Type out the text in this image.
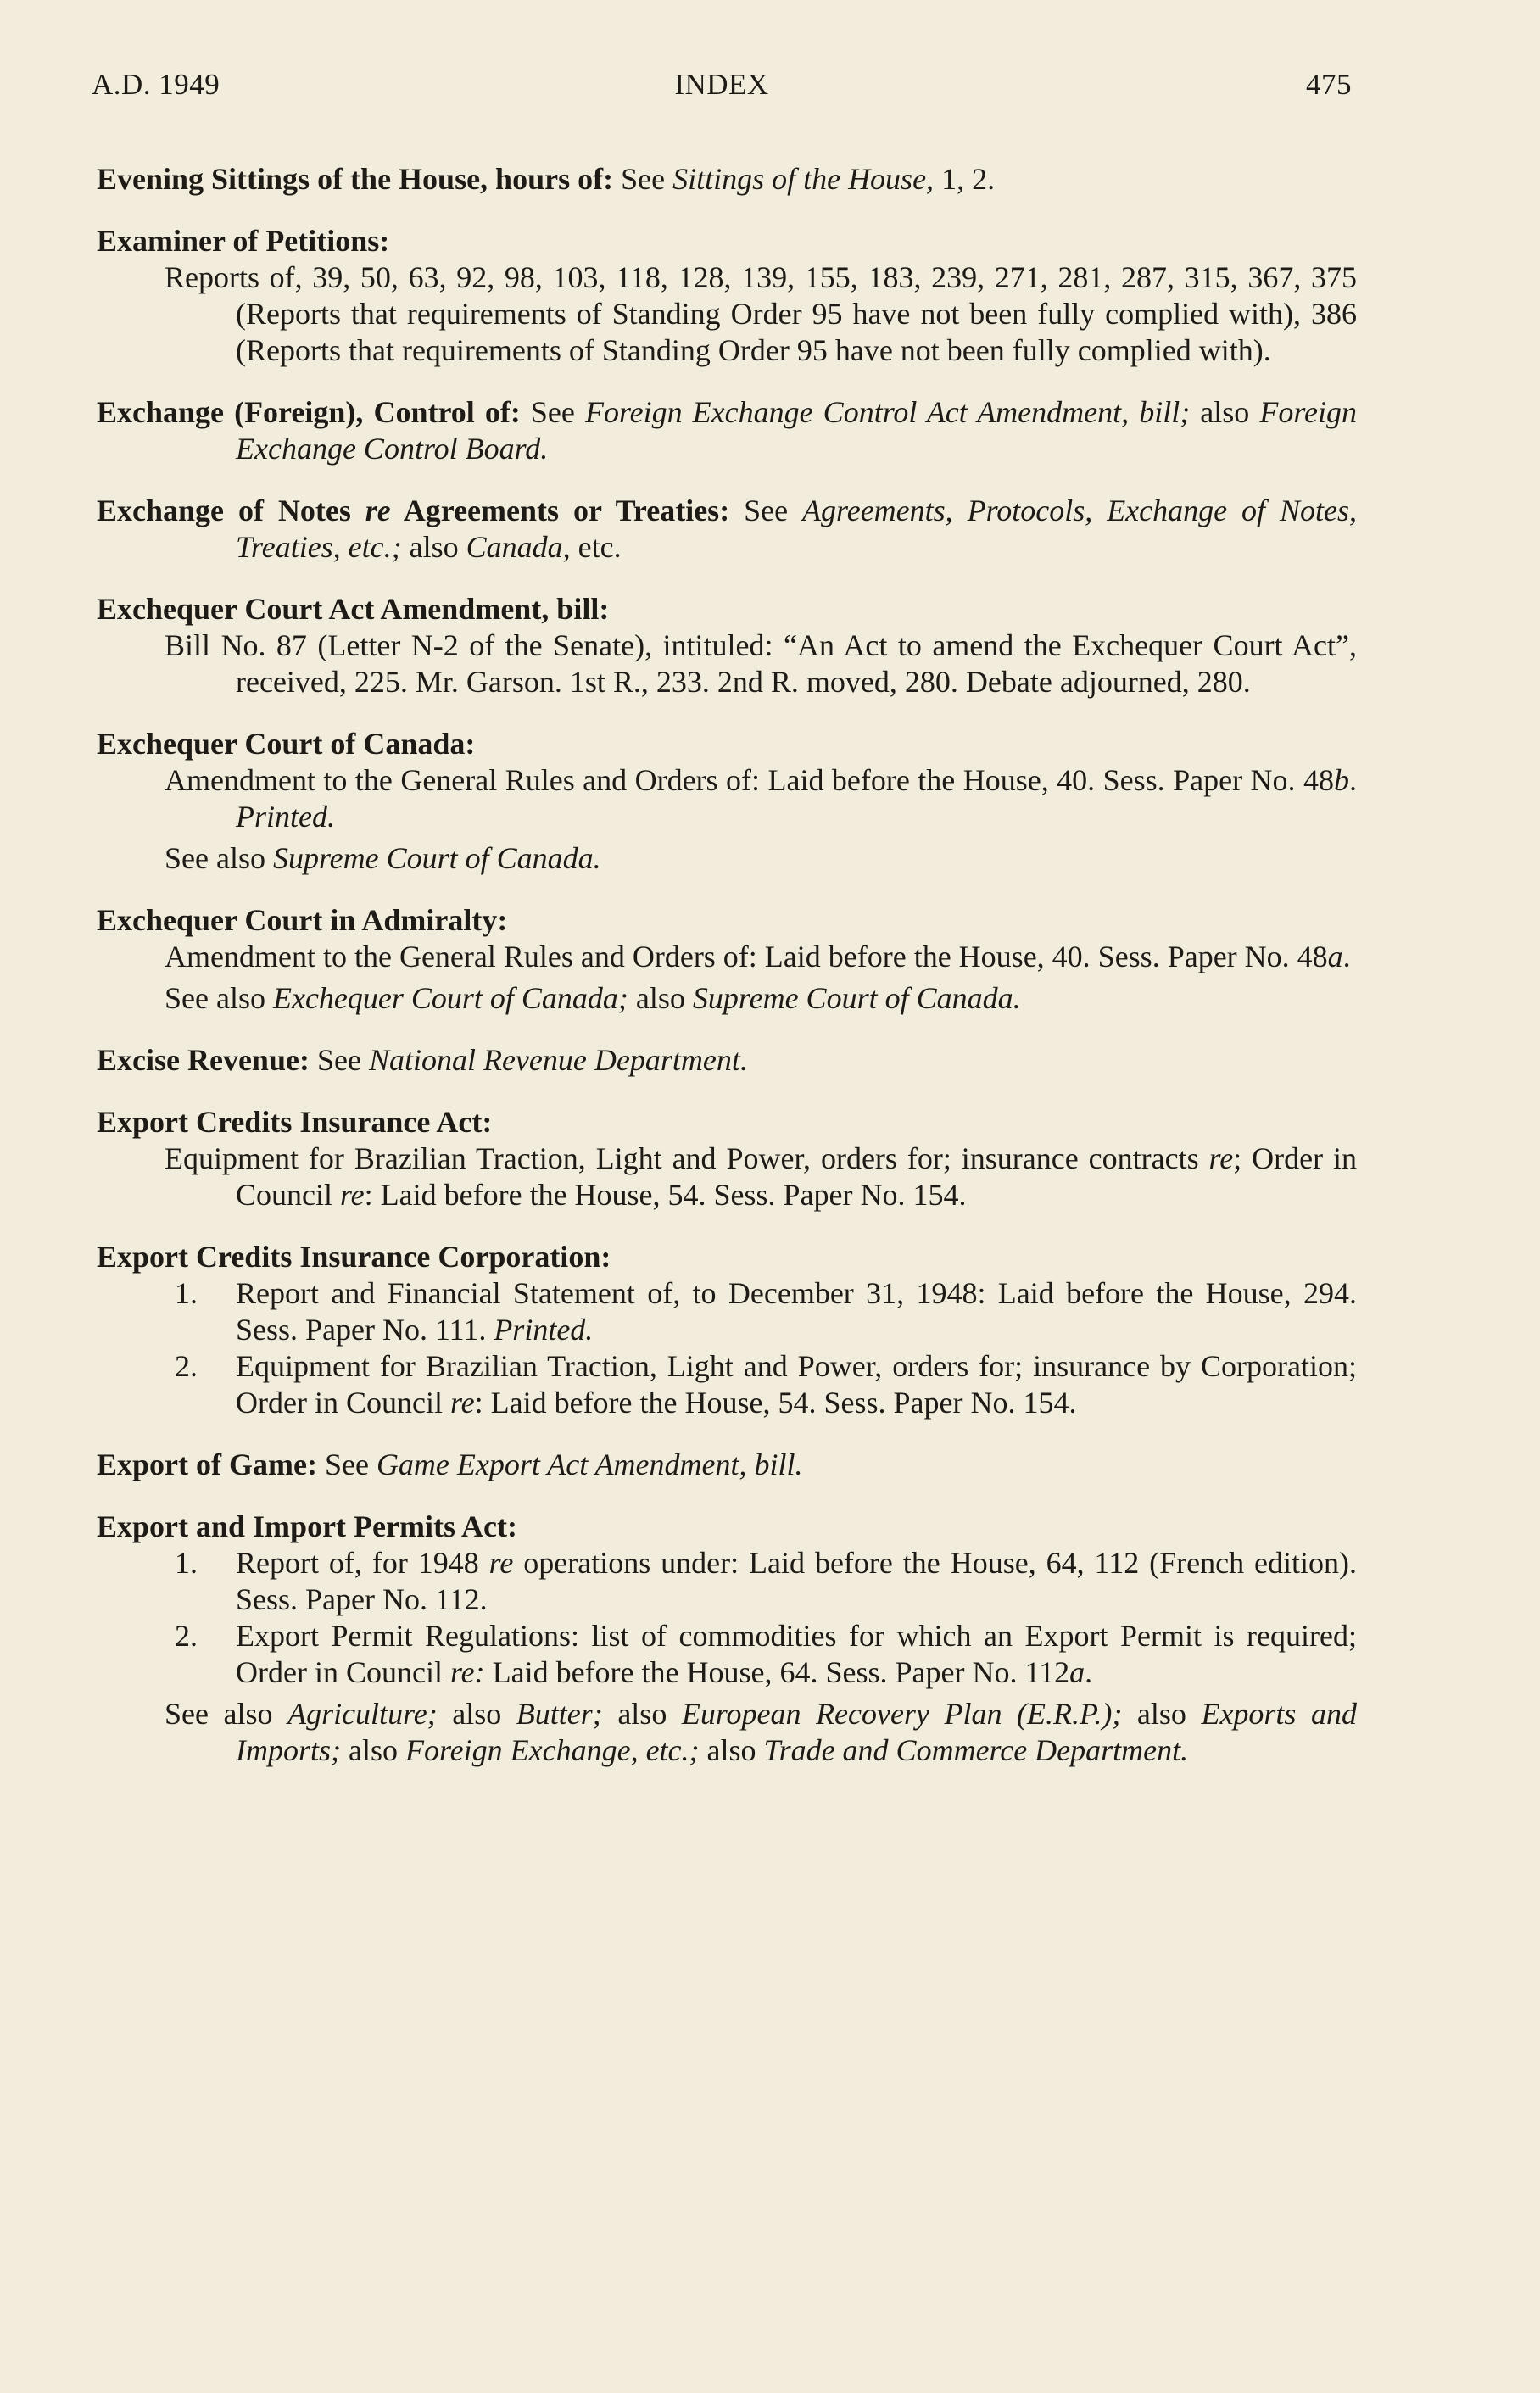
A.D. 1949	INDEX	475
Evening Sittings of the House, hours of: See Sittings of the House, 1, 2.
Examiner of Petitions:
Reports of, 39, 50, 63, 92, 98, 103, 118, 128, 139, 155, 183, 239, 271, 281, 287, 315, 367, 375 (Reports that requirements of Standing Order 95 have not been fully complied with), 386 (Reports that requirements of Standing Order 95 have not been fully complied with).
Exchange (Foreign), Control of: See Foreign Exchange Control Act Amendment, bill; also Foreign Exchange Control Board.
Exchange of Notes re Agreements or Treaties: See Agreements, Protocols, Exchange of Notes, Treaties, etc.; also Canada, etc.
Exchequer Court Act Amendment, bill:
Bill No. 87 (Letter N-2 of the Senate), intituled: “An Act to amend the Exchequer Court Act”, received, 225. Mr. Garson. 1st R., 233. 2nd R. moved, 280. Debate adjourned, 280.
Exchequer Court of Canada:
Amendment to the General Rules and Orders of: Laid before the House, 40. Sess. Paper No. 48b. Printed.
See also Supreme Court of Canada.
Exchequer Court in Admiralty:
Amendment to the General Rules and Orders of: Laid before the House, 40. Sess. Paper No. 48a.
See also Exchequer Court of Canada; also Supreme Court of Canada.
Excise Revenue: See National Revenue Department.
Export Credits Insurance Act:
Equipment for Brazilian Traction, Light and Power, orders for; insurance contracts re; Order in Council re: Laid before the House, 54. Sess. Paper No. 154.
Export Credits Insurance Corporation:
1. Report and Financial Statement of, to December 31, 1948: Laid before the House, 294. Sess. Paper No. 111. Printed.
2. Equipment for Brazilian Traction, Light and Power, orders for; insurance by Corporation; Order in Council re: Laid before the House, 54. Sess. Paper No. 154.
Export of Game: See Game Export Act Amendment, bill.
Export and Import Permits Act:
1. Report of, for 1948 re operations under: Laid before the House, 64, 112 (French edition). Sess. Paper No. 112.
2. Export Permit Regulations: list of commodities for which an Export Permit is required; Order in Council re: Laid before the House, 64. Sess. Paper No. 112a.
See also Agriculture; also Butter; also European Recovery Plan (E.R.P.); also Exports and Imports; also Foreign Exchange, etc.; also Trade and Commerce Department.
